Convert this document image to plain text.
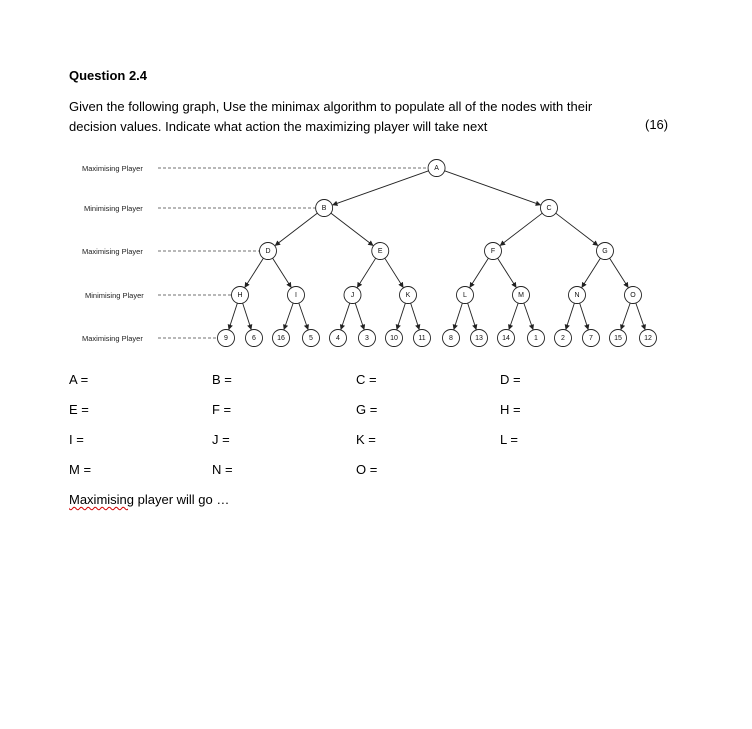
Question 2.4
Given the following graph, Use the minimax algorithm to populate all of the nodes with their
decision values. Indicate what action the maximizing player will take next	(16)
Maximising Player
Minimising Player
Maximising Player
Minimising Player
Maximising Player
A
B	C
D	E	F	G
H	I	J	K	L	M	N	O
9	6	16	5	4	3	10	11	8	13	14	1	2	7	15	12
A =	B =	C =	D =
E =	F =	G =	H =
I =	J =	K =	L =
M =	N =	O =
Maximising player will go …
